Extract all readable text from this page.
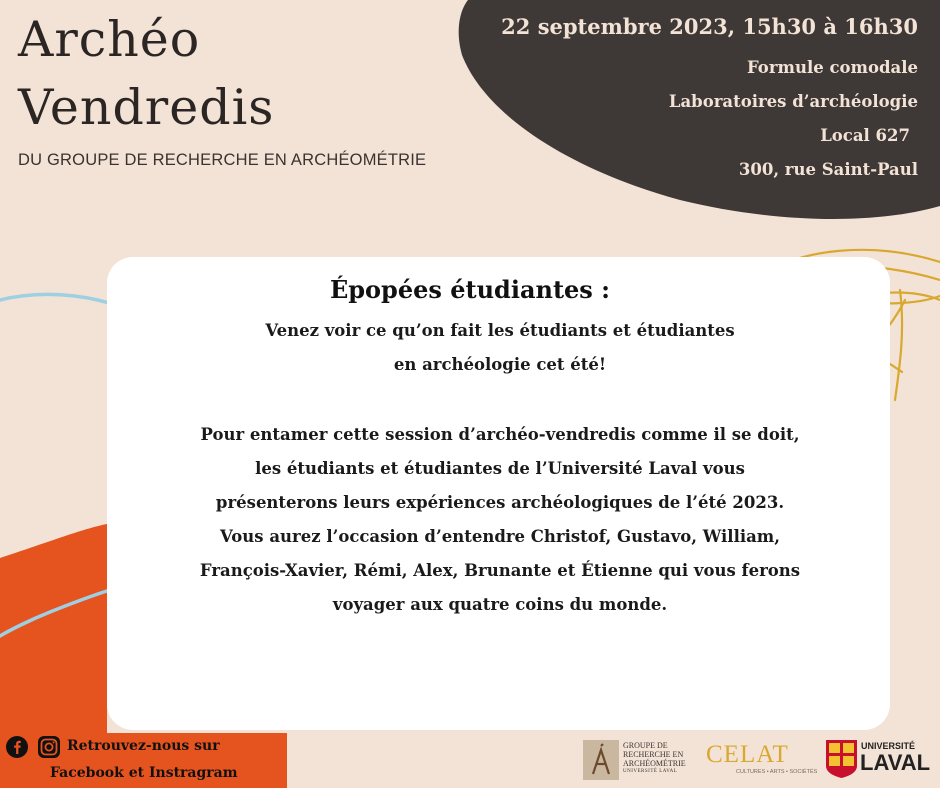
Archéo
Vendredis
DU GROUPE DE RECHERCHE EN ARCHÉOMÉTRIE
22 septembre 2023, 15h30 à 16h30
Formule comodale
Laboratoires d’archéologie
Local 627
300, rue Saint-Paul
Épopées étudiantes :
Venez voir ce qu’on fait les étudiants et étudiantes
en archéologie cet été!
Pour entamer cette session d’archéo-vendredis comme il se doit, les étudiants et étudiantes de l’Université Laval vous présenterons leurs expériences archéologiques de l’été 2023. Vous aurez l’occasion d’entendre Christof, Gustavo, William, François-Xavier, Rémi, Alex, Brunante et Étienne qui vous ferons voyager aux quatre coins du monde.
Retrouvez-nous sur
Facebook et Instragram
GROUPE DE
RECHERCHE EN
ARCHÉOMÉTRIE
UNIVERSITÉ LAVAL
CELAT
CULTURES • ARTS • SOCIÉTÉS
UNIVERSITÉ
LAVAL
